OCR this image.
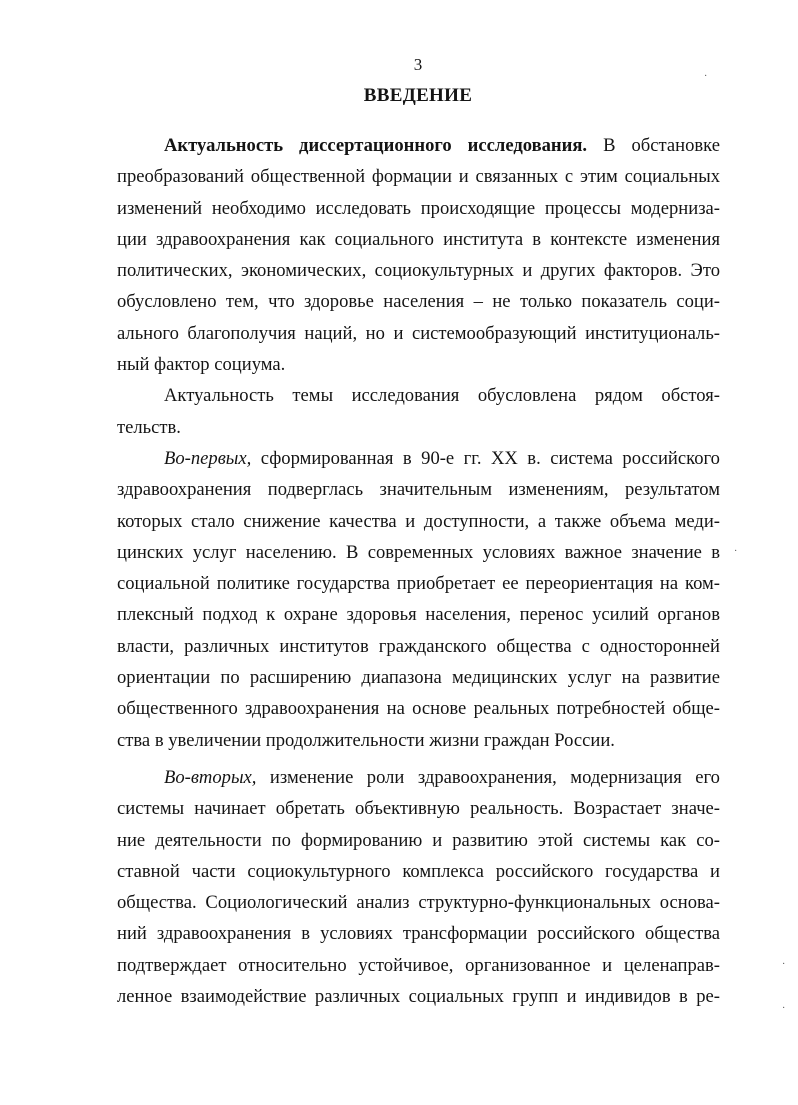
3
ВВЕДЕНИЕ
Актуальность диссертационного исследования. В обстановке
преобразований общественной формации и связанных с этим социальных
изменений необходимо исследовать происходящие процессы модерниза-
ции здравоохранения как социального института в контексте изменения
политических, экономических, социокультурных и других факторов. Это
обусловлено тем, что здоровье населения – не только показатель соци-
ального благополучия наций, но и системообразующий институциональ-
ный фактор социума.
Актуальность темы исследования обусловлена рядом обстоя-
тельств.
Во-первых, сформированная в 90-е гг. XX в. система российского
здравоохранения подверглась значительным изменениям, результатом
которых стало снижение качества и доступности, а также объема меди-
цинских услуг населению. В современных условиях важное значение в
социальной политике государства приобретает ее переориентация на ком-
плексный подход к охране здоровья населения, перенос усилий органов
власти, различных институтов гражданского общества с односторонней
ориентации по расширению диапазона медицинских услуг на развитие
общественного здравоохранения на основе реальных потребностей обще-
ства в увеличении продолжительности жизни граждан России.
Во-вторых, изменение роли здравоохранения, модернизация его
системы начинает обретать объективную реальность. Возрастает значе-
ние деятельности по формированию и развитию этой системы как со-
ставной части социокультурного комплекса российского государства и
общества. Социологический анализ структурно-функциональных основа-
ний здравоохранения в условиях трансформации российского общества
подтверждает относительно устойчивое, организованное и целенаправ-
ленное взаимодействие различных социальных групп и индивидов в ре-
·
·
·
·
